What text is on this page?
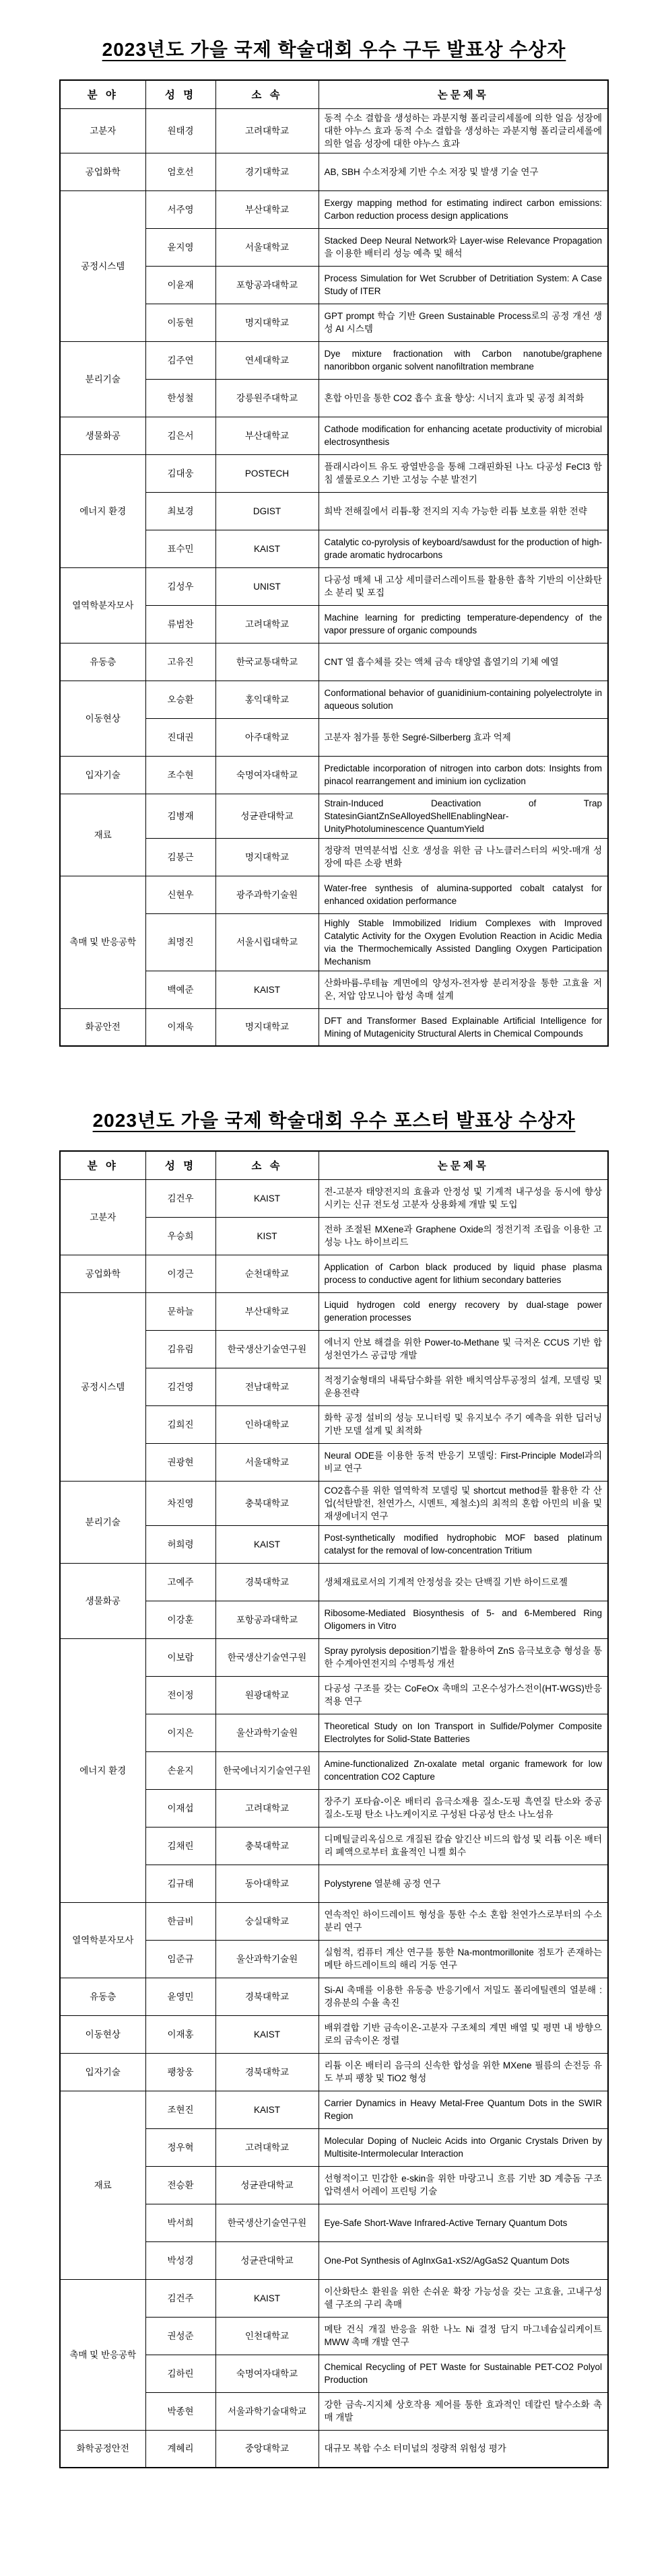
2023년도 가을 국제 학술대회 우수 구두 발표상 수상자
분 야	성 명	소 속	논문제목
고분자	원태경	고려대학교	동적 수소 결합을 생성하는 과분지형 폴리글리세롤에 의한 얼음 성장에 대한 야누스 효과 동적 수소 결합을 생성하는 과분지형 폴리글리세롤에 의한 얼음 성장에 대한 야누스 효과
공업화학	엄호선	경기대학교	AB, SBH 수소저장체 기반 수소 저장 및 발생 기술 연구
공정시스템	서주영	부산대학교	Exergy mapping method for estimating indirect carbon emissions: Carbon reduction process design applications
	윤지영	서울대학교	Stacked Deep Neural Network와 Layer-wise Relevance Propagation을 이용한 배터리 성능 예측 및 해석
	이윤재	포항공과대학교	Process Simulation for Wet Scrubber of Detritiation System: A Case Study of ITER
	이동현	명지대학교	GPT prompt 학습 기반 Green Sustainable Process로의 공정 개선 생성 AI 시스템
분리기술	김주연	연세대학교	Dye mixture fractionation with Carbon nanotube/graphene nanoribbon organic solvent nanofiltration membrane
	한성철	강릉원주대학교	혼합 아민을 통한 CO2 흡수 효율 향상: 시너지 효과 및 공정 최적화
생물화공	김은서	부산대학교	Cathode modification for enhancing acetate productivity of microbial electrosynthesis
에너지 환경	김대웅	POSTECH	플래시라이트 유도 광열반응을 통해 그래핀화된 나노 다공성 FeCl3 함침 셀룰로오스 기반 고성능 수분 발전기
	최보경	DGIST	희박 전해질에서 리튬-황 전지의 지속 가능한 리튬 보호를 위한 전략
	표수민	KAIST	Catalytic co-pyrolysis of keyboard/sawdust for the production of high-grade aromatic hydrocarbons
열역학분자모사	김성우	UNIST	다공성 매체 내 고상 세미클러스레이트를 활용한 흡착 기반의 이산화탄소 분리 및 포집
	류범찬	고려대학교	Machine learning for predicting temperature-dependency of the vapor pressure of organic compounds
유동층	고유진	한국교통대학교	CNT 열 흡수체를 갖는 액체 금속 태양열 흡열기의 기체 예열
이동현상	오승환	홍익대학교	Conformational behavior of guanidinium-containing polyelectrolyte in aqueous solution
	진대권	아주대학교	고분자 첨가를 통한 Segré-Silberberg 효과 억제
입자기술	조수현	숙명여자대학교	Predictable incorporation of nitrogen into carbon dots: Insights from pinacol rearrangement and iminium ion cyclization
재료	김병재	성균관대학교	Strain-Induced Deactivation of Trap StatesinGiantZnSeAlloyedShellEnablingNear-UnityPhotoluminescence QuantumYield
	김봉근	명지대학교	정량적 면역분석법 신호 생성을 위한 금 나노클러스터의 씨앗-매개 성장에 따른 소광 변화
촉매 및 반응공학	신현우	광주과학기술원	Water-free synthesis of alumina-supported cobalt catalyst for enhanced oxidation performance
	최명진	서울시립대학교	Highly Stable Immobilized Iridium Complexes with Improved Catalytic Activity for the Oxygen Evolution Reaction in Acidic Media via the Thermochemically Assisted Dangling Oxygen Participation Mechanism
	백예준	KAIST	산화바륨-루테늄 계면에의 양성자-전자쌍 분리저장을 통한 고효율 저온, 저압 암모니아 합성 촉매 설계
화공안전	이재욱	명지대학교	DFT and Transformer Based Explainable Artificial Intelligence for Mining of Mutagenicity Structural Alerts in Chemical Compounds
2023년도 가을 국제 학술대회 우수 포스터 발표상 수상자
분 야	성 명	소 속	논문제목
고분자	김건우	KAIST	전-고분자 태양전지의 효율과 안정성 및 기계적 내구성을 동시에 향상시키는 신규 전도성 고분자 상용화제 개발 및 도입
	우승희	KIST	전하 조절된 MXene과 Graphene Oxide의 정전기적 조립을 이용한 고성능 나노 하이브리드
공업화학	이경근	순천대학교	Application of Carbon black produced by liquid phase plasma process to conductive agent for lithium secondary batteries
공정시스템	문하늘	부산대학교	Liquid hydrogen cold energy recovery by dual-stage power generation processes
	김유림	한국생산기술연구원	에너지 안보 해결을 위한 Power-to-Methane 및 극저온 CCUS 기반 합성천연가스 공급망 개발
	김건영	전남대학교	적정기술형태의 내륙담수화를 위한 배치역삼투공정의 설계, 모델링 및 운용전략
	김희진	인하대학교	화학 공정 설비의 성능 모니터링 및 유지보수 주기 예측을 위한 딥러닝 기반 모델 설계 및 최적화
	권광현	서울대학교	Neural ODE를 이용한 동적 반응기 모델링: First-Principle Model과의 비교 연구
분리기술	차진영	충북대학교	CO2흡수를 위한 열역학적 모델링 및 shortcut method를 활용한 각 산업(석탄발전, 천연가스, 시멘트, 제철소)의 최적의 혼합 아민의 비율 및 재생에너지 연구
	허희령	KAIST	Post-synthetically modified hydrophobic MOF based platinum catalyst for the removal of low-concentration Tritium
생물화공	고예주	경북대학교	생체재료로서의 기계적 안정성을 갖는 단백질 기반 하이드로젤
	이강훈	포항공과대학교	Ribosome-Mediated Biosynthesis of 5- and 6-Membered Ring Oligomers in Vitro
에너지 환경	이보람	한국생산기술연구원	Spray pyrolysis deposition기법을 활용하여 ZnS 음극보호층 형성을 통한 수계아연전지의 수명특성 개선
	전이정	원광대학교	다공성 구조를 갖는 CoFeOx 촉매의 고온수성가스전이(HT-WGS)반응 적용 연구
	이지은	울산과학기술원	Theoretical Study on Ion Transport in Sulfide/Polymer Composite Electrolytes for Solid-State Batteries
	손윤지	한국에너지기술연구원	Amine-functionalized Zn-oxalate metal organic framework for low concentration CO2 Capture
	이재섭	고려대학교	장주기 포타슘-이온 배터리 음극소재용 질소-도핑 흑연질 탄소와 중공 질소-도핑 탄소 나노케이지로 구성된 다공성 탄소 나노섬유
	김채린	충북대학교	디메틸글리옥심으로 개질된 칼슘 알긴산 비드의 합성 및 리튬 이온 배터리 폐액으로부터 효율적인 니켈 회수
	김규태	동아대학교	Polystyrene 열분해 공정 연구
열역학분자모사	한금비	숭실대학교	연속적인 하이드레이트 형성을 통한 수소 혼합 천연가스로부터의 수소 분리 연구
	임준규	울산과학기술원	실험적, 컴퓨터 계산 연구를 통한 Na-montmorillonite 점토가 존재하는 메탄 하드레이트의 해리 거동 연구
유동층	윤영민	경북대학교	Si-Al 촉매를 이용한 유동층 반응기에서 저밀도 폴리에틸렌의 열분해 : 경유분의 수율 촉진
이동현상	이재홍	KAIST	배위결합 기반 금속이온-고분자 구조체의 계면 배열 및 평면 내 방향으로의 금속이온 정렬
입자기술	팽창웅	경북대학교	리튬 이온 배터리 음극의 신속한 합성을 위한 MXene 필름의 손전등 유도 부피 팽창 및 TiO2 형성
재료	조현진	KAIST	Carrier Dynamics in Heavy Metal-Free Quantum Dots in the SWIR Region
	정우혁	고려대학교	Molecular Doping of Nucleic Acids into Organic Crystals Driven by Multisite-Intermolecular Interaction
	전승환	성균관대학교	선형적이고 민감한 e-skin을 위한 마랑고니 흐름 기반 3D 계층돔 구조 압력센서 어레이 프린팅 기술
	박서희	한국생산기술연구원	Eye-Safe Short-Wave Infrared-Active Ternary Quantum Dots
	박성경	성균관대학교	One-Pot Synthesis of AgInxGa1-xS2/AgGaS2 Quantum Dots
촉매 및 반응공학	김건주	KAIST	이산화탄소 환원을 위한 손쉬운 확장 가능성을 갖는 고효율, 고내구성 쉘 구조의 구리 촉매
	권성준	인천대학교	메탄 건식 개질 반응을 위한 나노 Ni 결정 담지 마그네슘실리케이트 MWW 촉매 개발 연구
	김하린	숙명여자대학교	Chemical Recycling of PET Waste for Sustainable PET-CO2 Polyol Production
	박종현	서울과학기술대학교	강한 금속-지지체 상호작용 제어를 통한 효과적인 데칼린 탈수소화 촉매 개발
화학공정안전	계혜리	중앙대학교	대규모 복합 수소 터미널의 정량적 위험성 평가
